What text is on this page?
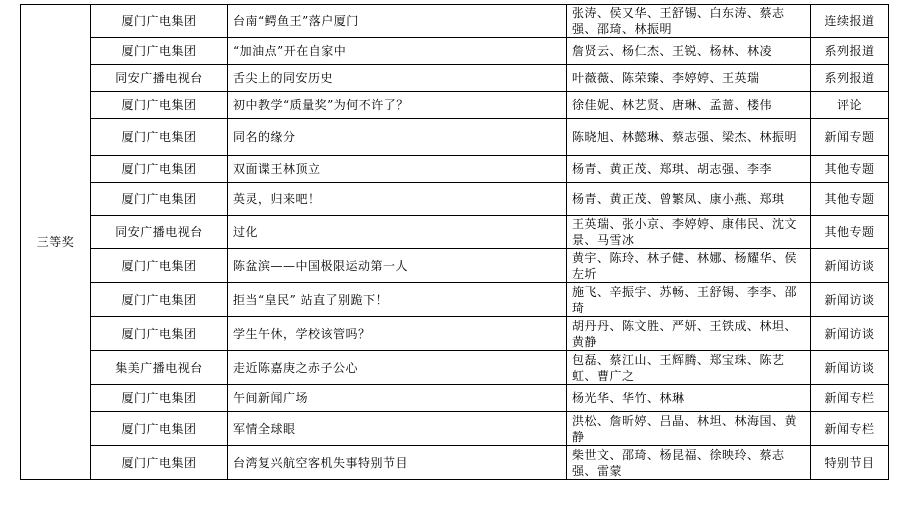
三等奖	厦门广电集团	台南“鳄鱼王”落户厦门	张涛、侯又华、王舒锡、白东涛、蔡志强、邵琦、林振明	连续报道
	厦门广电集团	“加油点”开在自家中	詹贤云、杨仁杰、王锐、杨林、林凌	系列报道
	同安广播电视台	舌尖上的同安历史	叶薇薇、陈荣臻、李婷婷、王英瑞	系列报道
	厦门广电集团	初中教学“质量奖”为何不许了？	徐佳妮、林艺贤、唐琳、孟蔷、楼伟	评论
	厦门广电集团	同名的缘分	陈晓旭、林懿琳、蔡志强、梁杰、林振明	新闻专题
	厦门广电集团	双面谍王林顶立	杨青、黄正茂、郑琪、胡志强、李李	其他专题
	厦门广电集团	英灵，归来吧！	杨青、黄正茂、曾繁凤、康小燕、郑琪	其他专题
	同安广播电视台	过化	王英瑞、张小京、李婷婷、康伟民、沈文景、马雪冰	其他专题
	厦门广电集团	陈盆滨——中国极限运动第一人	黄宇、陈玲、林子健、林娜、杨耀华、侯左圻	新闻访谈
	厦门广电集团	拒当“皇民” 站直了别跪下！	施飞、辛振宇、苏畅、王舒锡、李李、邵琦	新闻访谈
	厦门广电集团	学生午休，学校该管吗？	胡丹丹、陈文胜、严妍、王铁成、林坦、黄静	新闻访谈
	集美广播电视台	走近陈嘉庚之赤子公心	包磊、蔡江山、王辉腾、郑宝珠、陈艺虹、曹广之	新闻访谈
	厦门广电集团	午间新闻广场	杨光华、华竹、林琳	新闻专栏
	厦门广电集团	军情全球眼	洪松、詹昕婷、吕晶、林坦、林海国、黄静	新闻专栏
	厦门广电集团	台湾复兴航空客机失事特别节目	柴世文、邵琦、杨昆福、徐映玲、蔡志强、雷蒙	特别节目
